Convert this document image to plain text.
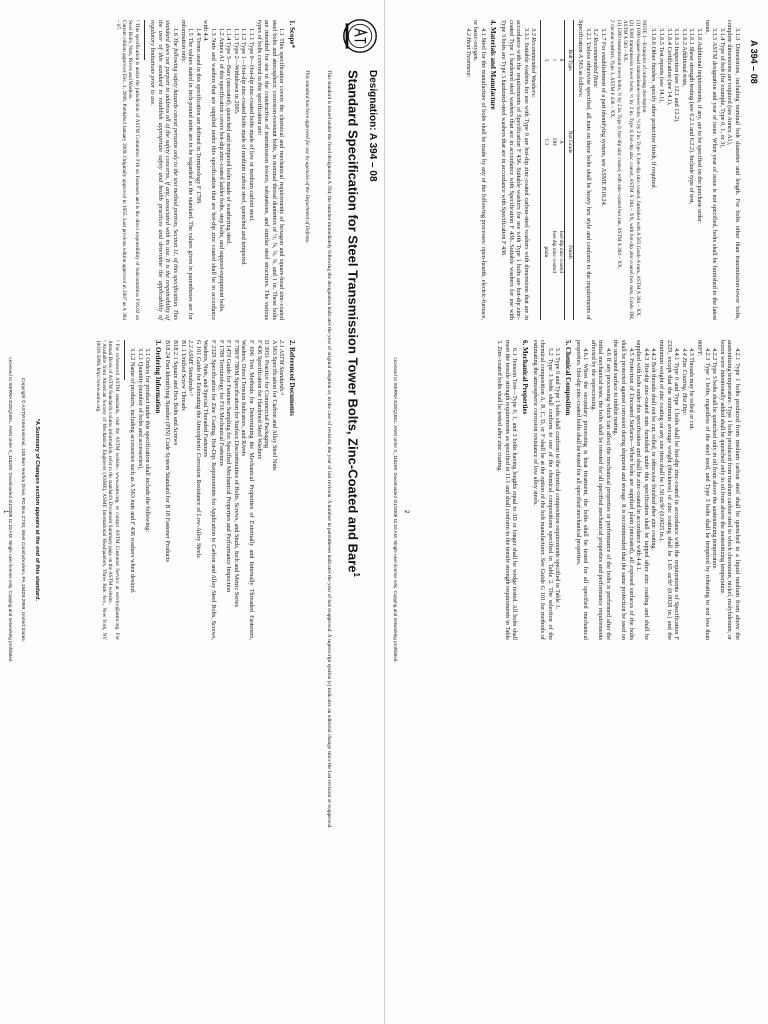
Designation: A 394 – 08
Standard Specification for Steel Transmission Tower Bolts, Zinc-Coated and Bare$^1$
This standard is issued under the fixed designation A 394; the number immediately following the designation indicates the year of original adoption or, in the case of revision, the year of last revision. A number in parentheses indicates the year of last reapproval. A superscript epsilon (ε) indicates an editorial change since the last revision or reapproval.
This standard has been approved for use by agencies of the Department of Defense.
1. Scope*
1.1 This specification covers the chemical and mechanical requirements of hexagon and square-head zinc-coated steel bolts and atmospheric corrosion-resistant bolts, in nominal thread diameters of ½, ⅝, ¾, ⅞, and 1 in. These bolts are intended for use in the construction of transmission towers, substations, and similar steel structures. The various types of bolts covered in this specification are:
1.1.1 Type 0—Hot-dip zinc-coated bolts made of low or medium carbon steel.
1.1.2 Type 1—Hot-dip zinc-coated bolts made of medium carbon steel, quenched and tempered.
1.1.3 Type 2—Withdrawn in 2005.
1.1.4 Type 3—Bare (uncoated), quenched and tempered bolts made of weathering steel.
1.2 Annex A1 of this specification covers hot-dip zinc-coated ladder bolts, step bolts, and support-equipment bolts.
1.3 Nuts and washers that are supplied under this specification that are hot-dip zinc coated shall be in accordance with 4.4.
1.4 Terms used in this specification are defined in Terminology F 1789.
1.5 The values stated in inch-pound units are to be regarded as the standard. The values given in parentheses are for information only.
1.6 The following safety hazards caveat pertains only to the test method portion, Section 11, of this specification. This standard does not purport to address all of the safety concerns, if any, associated with its use. It is the responsibility of the user of this standard to establish appropriate safety and health practices and determine the applicability of regulatory limitations prior to use.
¹ This specification is under the jurisdiction of ASTM Committee F16 on Fasteners and is the direct responsibility of Subcommittee F16.02 on Steel Bolts, Nuts, Rivets and Washers.
Current edition approved Dec. 1, 2008. Published January 2009. Originally approved in 1955. Last previous edition approved in 2007 as A 394 – 07.
2. Referenced Documents
2.1 ASTM Standards:²
A 563 Specification for Carbon and Alloy Steel Nuts
D 3951 Practice for Commercial Packaging
F 436 Specification for Hardened Steel Washers
F 606 Test Methods for Determining the Mechanical Properties of Externally and Internally Threaded Fasteners, Washers, Direct Tension Indicators, and Rivets
F 788/F 788M Specification for Surface Discontinuities of Bolts, Screws, and Studs, Inch and Metric Series
F 1470 Guide for Fastener Sampling for Specified Mechanical Properties and Performance Inspection
F 1789 Terminology for F16 Mechanical Fasteners
F 2329 Specification for Zinc Coating, Hot-Dip, Requirements for Application to Carbon and Alloy Steel Bolts, Screws, Washers, Nuts, and Special Threaded Fasteners
G 101 Guide for Estimating the Atmospheric Corrosion Resistance of Low-Alloy Steels
2.2 ASME Standards:³
B1.1 Unified Screw Threads
B18.2.1 Square and Hex Bolts and Screws
B18.24 Part Identifying Number (PIN) Code System Standard for B 18 Fastener Products
3. Ordering Information
3.1 Orders for product under this specification shall include the following:
3.1.1 Quantity (number of bolts and accessories),
3.1.2 Name of products, including accessories such as A 563 nuts and F 436 washers when desired.
² For referenced ASTM standards, visit the ASTM website, www.astm.org, or contact ASTM Customer Service at service@astm.org. For Annual Book of ASTM Standards volume information, refer to the standard's Document Summary page on the ASTM website.
³ Available from American Society of Mechanical Engineers (ASME), ASME International Headquarters, Three Park Ave., New York, NY 10016-5990, http://www.asme.org.
*A Summary of Changes section appears at the end of this standard.
Copyright © ASTM International, 100 Barr Harbor Drive, PO Box C700, West Conshohocken, PA 19428-2959, United States.
Licensed to SIERRA EZEQUIEL. ANSI order X_116209. Downloaded 4/1/2009 11:16 AM. Single user license only. Copying and networking prohibited.
1
A 394 – 08
3.1.3 Dimensions, including nominal bolt diameter and length. For bolts other than transmission-tower bolts, complete dimensions are required (see Annex A1),
3.1.4 Type of bolt (for example, Type 0, 1, or 3),
3.1.5 ASTM designation and year of issue. When year of issue is not specified, bolts shall be furnished to the latest issue,
3.1.6 Additional requirements, if any, are to be specified on the purchase order:
3.1.6.1 Shear strength testing (see 6.2.1 and 6.2.2). Include type of test,
3.1.6.2 Additional tests,
3.1.6.3 Inspection (see 12.1 and 12.2),
3.1.6.4 Certification (see 14.1),
3.1.6.5 Test reports (see 14.1),
3.1.6.6 Other finishes, specify other protective finish, if required.
NOTE 1—Examples of ordering description:
(1) 1000 square-head transmission-tower bolts, ½ by 2 in. Type 0, hot-dip zinc-coated, furnished with A 563 Grade A nuts, ASTM A 394 – XX.
(2) 1000 transmission tower bolts, ½ by 2 in. Type 0, hot-dip zinc coated, ASTM A 394 – XX, with hot-dip zinc-coated hex nuts, Grade DH, ASTM A 563 – XX.
(3) 1000 transmission tower bolts, ½ by 2 in. Type 0, hot-dip zinc coated, with zinc-coated hex nut, ASTM A 394 – XX.
2 circular washers, Type 3, ASTM F 436 – XX.
3.1.7 For establishment of a part identifying system, see ASME B18.24.
3.2 Recommended Nuts:
3.2.1 Unless otherwise specified, all nuts on these bolts shall be heavy hex style and conform to the requirements of Specification A 563 as follows:
Bolt Type	Nut Grade	Finish
0	A	hot-dip zinc-coated
1	DH	hot-dip zinc-coated
3	C3	plain
3.3 Recommended Washers:
3.3.1 Suitable washers for use with Type 0 are hot-dip zinc-coated carbon-steel washers with dimensions that are in accordance with the requirements of Specification F 436. Suitable washers for use with Type 1 bolts are hot-dip zinc-coated Type 1 hardened steel washers that are in accordance with Specification F 436. Suitable washers for use with Type 3 bolts are Type 3 hardened-steel washers that are in accordance with Specification F 436.
4. Materials and Manufacture
4.1 Steel for the manufacture of bolts shall be made by any of the following processes: open-hearth, electric-furnace, or basic-oxygen.
4.2 Heat Treatment:
4.2.1 Type 1 bolts produced from medium carbon steel shall be quenched in a liquid medium from above the austenitizing temperature. Type 1 bolts produced from medium carbon steel to which chromium, nickel, molybdenum, or boron were intentionally added shall be quenched only in oil from above the austenitizing temperature.
4.2.2 Type 3 bolts shall be quenched only in oil from above the austenitizing temperature.
4.2.3 Type 1 bolts, regardless of the steel used, and Type 3 bolts shall be tempered by reheating to not less than 800°F.
4.3 Threads may be rolled or cut.
4.4 Zinc Coating, Hot Dip:
4.4.1 Type 0 and Type 1 bolts shall be hot-dip zinc-coated in accordance with the requirements of Specification F 2329, except that the minimum average weight (thickness) of zinc coating shall be 1.65 oz/ft² (0.0028 in.) and the minimum weight of zinc coating on any one item shall be 1.50 oz/ft² (0.0025 in.).
4.4.2 Bolt threads shall not be cut, rolled, or otherwise finished after zinc coating.
4.4.3 Hot-dip zinc-coated nuts furnished under this specification shall be tapped after zinc coating and shall be supplied with bolts under this specification and shall be zinc-coated in accordance with 4.4.1.
4.5 Protection of Uncoated Surfaces—When bolts are supplied plain (uncoated), all exposed surfaces of the bolts shall be protected against corrosion during shipment and storage. It is recommended that the same protection be used on the uncoated surface to inhibit rusting.
4.6 If any processing which can affect the mechanical properties or performance of the bolts is performed after the initial mechanical tests, the bolts shall be retested for all specified mechanical properties and performance requirements affected by the reprocessing.
4.6.1 When the secondary processing is heat treatment, the bolts shall be tested for all specified mechanical properties. Hot-dip zinc-coated bolts shall be tested for all specified mechanical properties.
5. Chemical Composition
5.1 Type 0 and Type 1 bolts shall conform to the chemical composition requirements specified in Table 1.
5.2 Type 3 bolts shall conform to one of the chemical compositions specified in Table 2. The selection of the chemical composition A, B, C, D, or F shall be at the option of the bolt manufacturer. See Guide G 101 for methods of estimating the atmospheric corrosion resistance of low alloy steels.
6. Mechanical Properties
6.1 Tension Test—Type 0, 1, and 3 bolts having lengths equal to 3D or longer shall be wedge tested. All bolts shall meet the tensile strength requirements as specified in 11.1 and shall conform to the tensile strength requirements in Table 3. Zinc-coated bolts shall be tested after zinc coating.
Licensed to SIERRA EZEQUIEL. ANSI order X_116209. Downloaded 4/1/2009 11:16 AM. Single user license only. Copying and networking prohibited. 2
